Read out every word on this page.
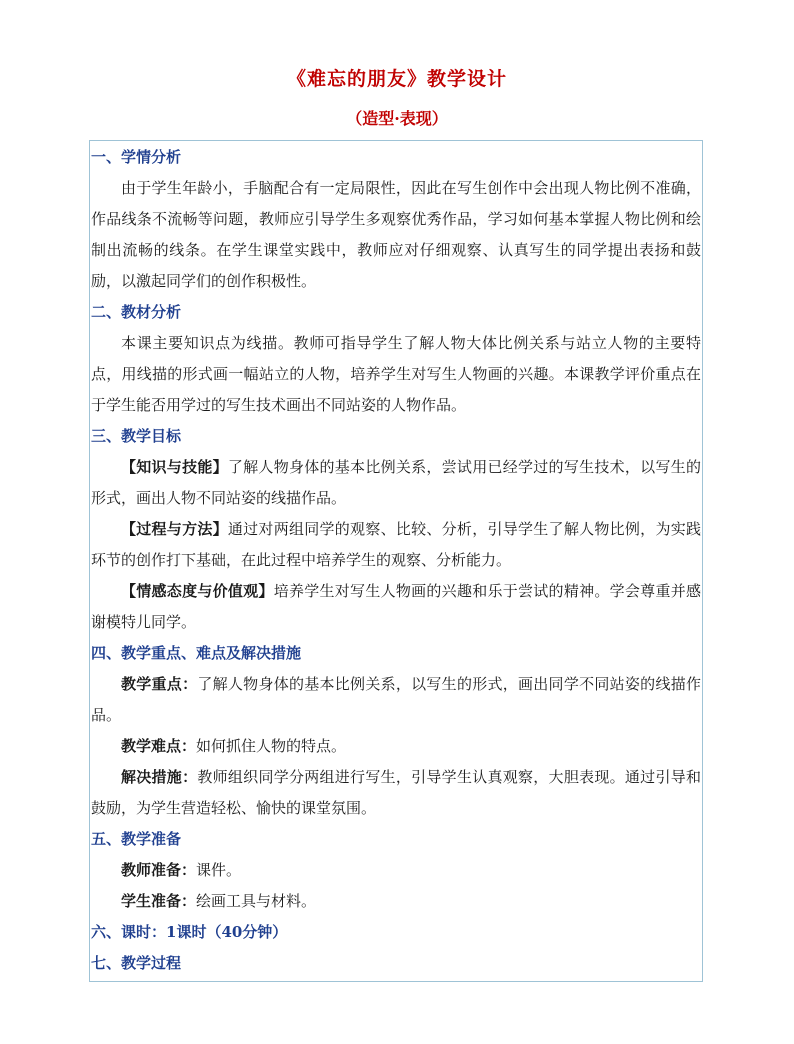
《难忘的朋友》教学设计
（造型·表现）

一、学情分析

由于学生年龄小，手脑配合有一定局限性，因此在写生创作中会出现人物比例不准确，作品线条不流畅等问题，教师应引导学生多观察优秀作品，学习如何基本掌握人物比例和绘制出流畅的线条。在学生课堂实践中，教师应对仔细观察、认真写生的同学提出表扬和鼓励，以激起同学们的创作积极性。

二、教材分析

本课主要知识点为线描。教师可指导学生了解人物大体比例关系与站立人物的主要特点，用线描的形式画一幅站立的人物，培养学生对写生人物画的兴趣。本课教学评价重点在于学生能否用学过的写生技术画出不同站姿的人物作品。

三、教学目标

【知识与技能】了解人物身体的基本比例关系，尝试用已经学过的写生技术，以写生的形式，画出人物不同站姿的线描作品。

【过程与方法】通过对两组同学的观察、比较、分析，引导学生了解人物比例，为实践环节的创作打下基础，在此过程中培养学生的观察、分析能力。

【情感态度与价值观】培养学生对写生人物画的兴趣和乐于尝试的精神。学会尊重并感谢模特儿同学。

四、教学重点、难点及解决措施

教学重点：了解人物身体的基本比例关系，以写生的形式，画出同学不同站姿的线描作品。

教学难点：如何抓住人物的特点。

解决措施：教师组织同学分两组进行写生，引导学生认真观察，大胆表现。通过引导和鼓励，为学生营造轻松、愉快的课堂氛围。

五、教学准备

教师准备：课件。

学生准备：绘画工具与材料。

六、课时：1课时（40分钟）

七、教学过程
